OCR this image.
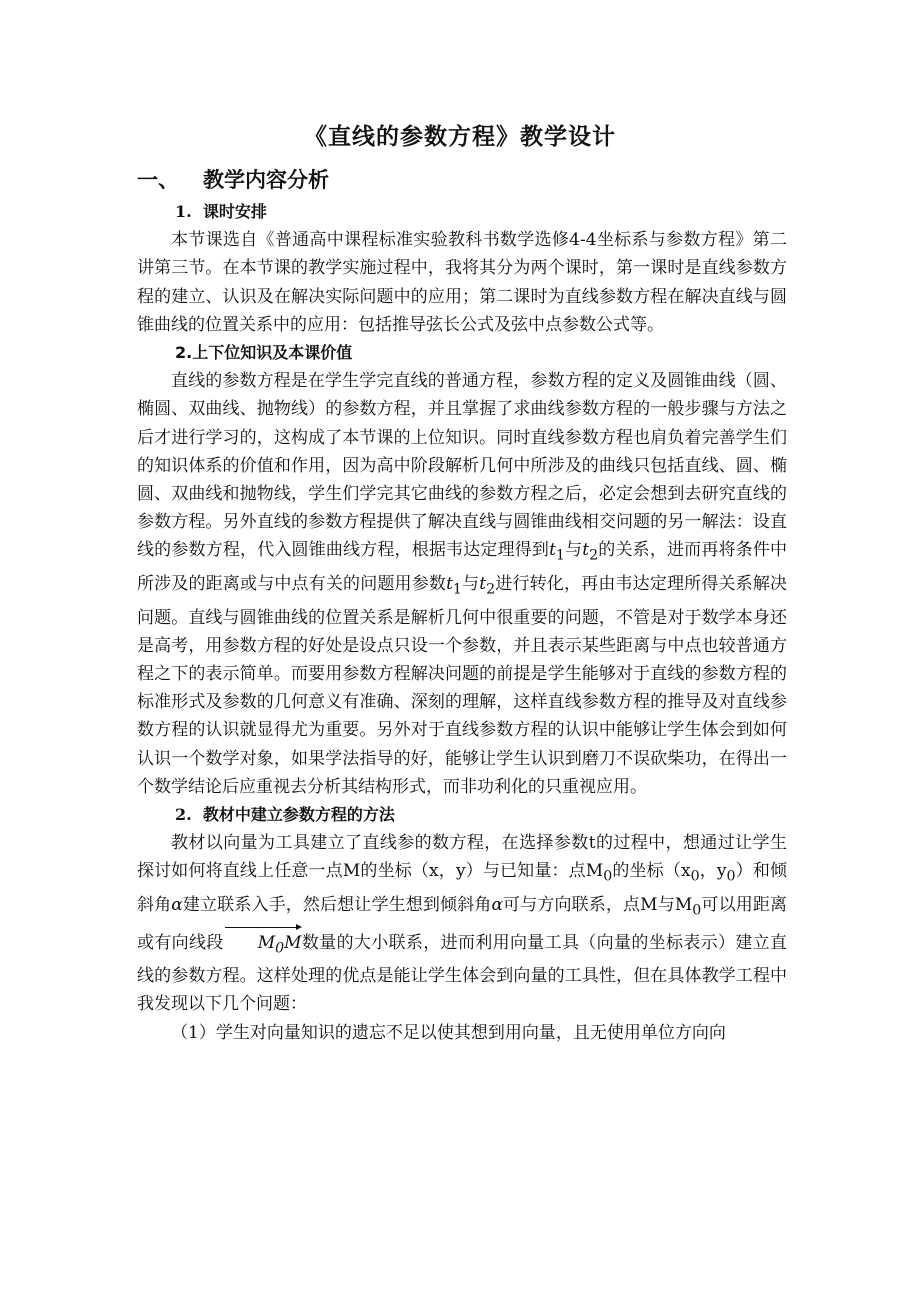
《直线的参数方程》教学设计
一、 教学内容分析
1. 课时安排

本节课选自《普通高中课程标准实验教科书数学选修4-4坐标系与参数方程》第二讲第三节。在本节课的教学实施过程中，我将其分为两个课时，第一课时是直线参数方程的建立、认识及在解决实际问题中的应用；第二课时为直线参数方程在解决直线与圆锥曲线的位置关系中的应用：包括推导弦长公式及弦中点参数公式等。

2.上下位知识及本课价值

直线的参数方程是在学生学完直线的普通方程，参数方程的定义及圆锥曲线（圆、椭圆、双曲线、抛物线）的参数方程，并且掌握了求曲线参数方程的一般步骤与方法之后才进行学习的，这构成了本节课的上位知识。同时直线参数方程也肩负着完善学生们的知识体系的价值和作用，因为高中阶段解析几何中所涉及的曲线只包括直线、圆、椭圆、双曲线和抛物线，学生们学完其它曲线的参数方程之后，必定会想到去研究直线的参数方程。另外直线的参数方程提供了解决直线与圆锥曲线相交问题的另一解法：设直线的参数方程，代入圆锥曲线方程，根据韦达定理得到$t_1$与$t_2$的关系，进而再将条件中所涉及的距离或与中点有关的问题用参数$t_1$与$t_2$进行转化，再由韦达定理所得关系解决问题。直线与圆锥曲线的位置关系是解析几何中很重要的问题，不管是对于数学本身还是高考，用参数方程的好处是设点只设一个参数，并且表示某些距离与中点也较普通方程之下的表示简单。而要用参数方程解决问题的前提是学生能够对于直线的参数方程的标准形式及参数的几何意义有准确、深刻的理解，这样直线参数方程的推导及对直线参数方程的认识就显得尤为重要。另外对于直线参数方程的认识中能够让学生体会到如何认识一个数学对象，如果学法指导的好，能够让学生认识到磨刀不误砍柴功，在得出一个数学结论后应重视去分析其结构形式，而非功利化的只重视应用。

2. 教材中建立参数方程的方法

教材以向量为工具建立了直线参的数方程，在选择参数t的过程中，想通过让学生探讨如何将直线上任意一点M的坐标（x，y）与已知量：点$M_0$的坐标（$x_0$，$y_0$）和倾斜角α建立联系入手，然后想让学生想到倾斜角α可与方向联系，点M与$M_0$可以用距离或有向线段 $M_0M$数量的大小联系，进而利用向量工具（向量的坐标表示）建立直线的参数方程。这样处理的优点是能让学生体会到向量的工具性，但在具体教学工程中我发现以下几个问题：

（1）学生对向量知识的遗忘不足以使其想到用向量，且无使用单位方向向
